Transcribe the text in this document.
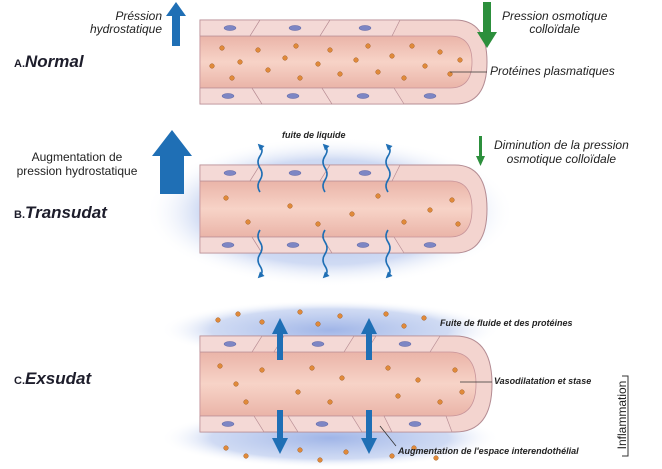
Préssion
hydrostatique
Pression osmotique
colloïdale
A.Normal	Protéines plasmatiques
fuite de liquide
Augmentation de
pression hydrostatique
Diminution de la pression
osmotique colloïdale
B.Transudat
Fuite de fluide et des protéines
C.Exsudat	Vasodilatation et stase
Augmentation de l'espace interendothélial
Inflammation
